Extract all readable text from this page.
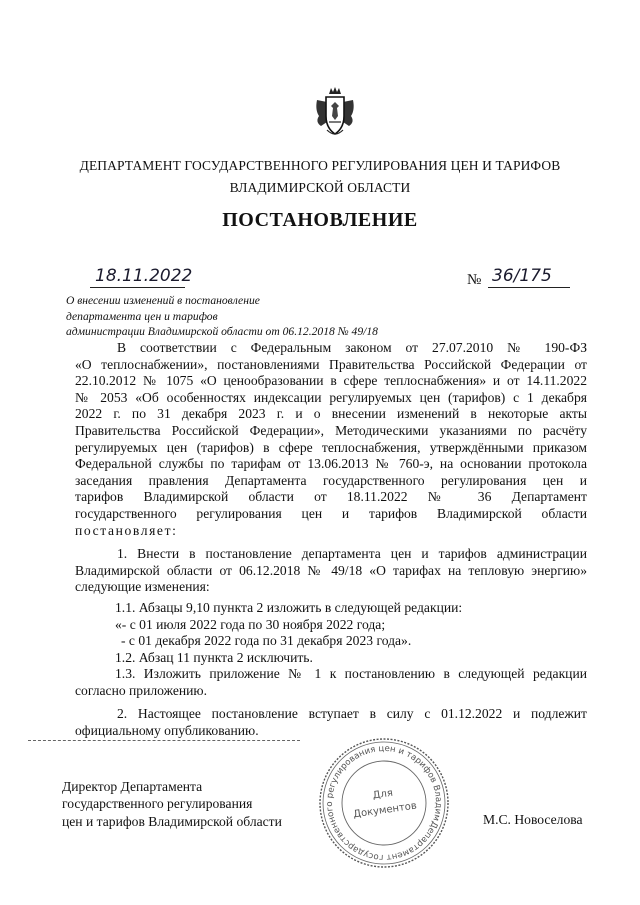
ДЕПАРТАМЕНТ ГОСУДАРСТВЕННОГО РЕГУЛИРОВАНИЯ ЦЕН И ТАРИФОВ
ВЛАДИМИРСКОЙ ОБЛАСТИ
ПОСТАНОВЛЕНИЕ
18.11.2022	№ 36/175
О внесении изменений в постановление
департамента цен и тарифов
администрации Владимирской области от 06.12.2018 № 49/18
В соответствии с Федеральным законом от 27.07.2010 № 190-ФЗ
«О теплоснабжении», постановлениями Правительства Российской Федерации от
22.10.2012 № 1075 «О ценообразовании в сфере теплоснабжения» и от 14.11.2022
№ 2053 «Об особенностях индексации регулируемых цен (тарифов) с 1 декабря
2022 г. по 31 декабря 2023 г. и о внесении изменений в некоторые акты
Правительства Российской Федерации», Методическими указаниями по расчёту
регулируемых цен (тарифов) в сфере теплоснабжения, утверждёнными приказом
Федеральной службы по тарифам от 13.06.2013 № 760-э, на основании протокола
заседания правления Департамента государственного регулирования цен и
тарифов Владимирской области от 18.11.2022 № 36 Департамент
государственного регулирования цен и тарифов Владимирской области
постановляет:
1. Внести в постановление департамента цен и тарифов администрации
Владимирской области от 06.12.2018 № 49/18 «О тарифах на тепловую энергию»
следующие изменения:
1.1. Абзацы 9,10 пункта 2 изложить в следующей редакции:
«- с 01 июля 2022 года по 30 ноября 2022 года;
- с 01 декабря 2022 года по 31 декабря 2023 года».
1.2. Абзац 11 пункта 2 исключить.
1.3. Изложить приложение № 1 к постановлению в следующей редакции
согласно приложению.
2. Настоящее постановление вступает в силу с 01.12.2022 и подлежит
официальному опубликованию.
Директор Департамента
государственного регулирования
цен и тарифов Владимирской области	М.С. Новоселова
Департамент государственного регулирования цен и тарифов Владимирской
Для
Документов
